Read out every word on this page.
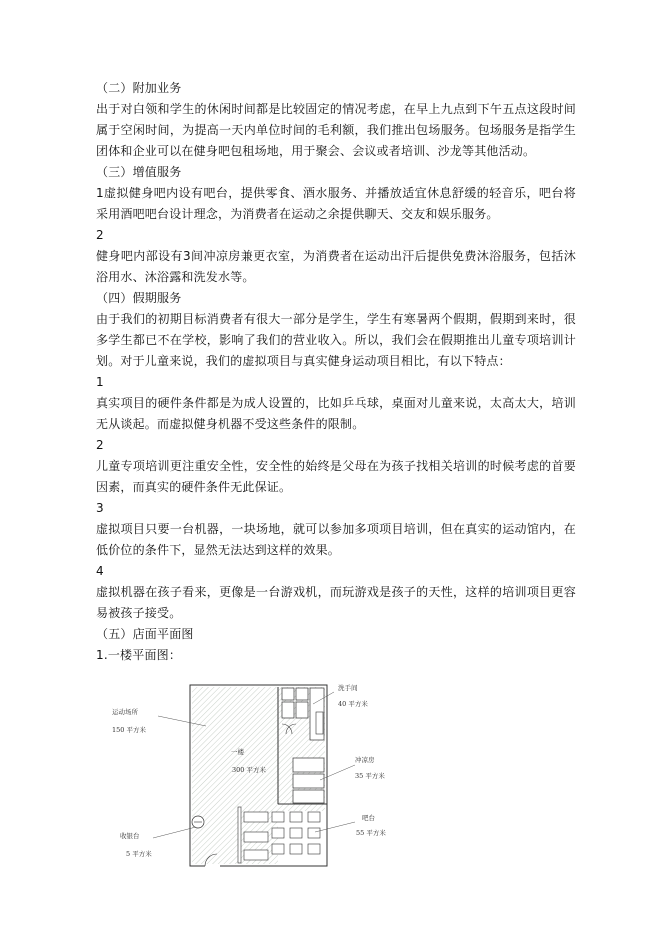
（二）附加业务

出于对白领和学生的休闲时间都是比较固定的情况考虑，在早上九点到下午五点这段时间属于空闲时间，为提高一天内单位时间的毛利额，我们推出包场服务。包场服务是指学生团体和企业可以在健身吧包租场地，用于聚会、会议或者培训、沙龙等其他活动。

（三）增值服务

1虚拟健身吧内设有吧台，提供零食、酒水服务、并播放适宜休息舒缓的轻音乐，吧台将采用酒吧吧台设计理念，为消费者在运动之余提供聊天、交友和娱乐服务。

2

健身吧内部设有3间冲凉房兼更衣室，为消费者在运动出汗后提供免费沐浴服务，包括沐浴用水、沐浴露和洗发水等。

（四）假期服务

由于我们的初期目标消费者有很大一部分是学生，学生有寒暑两个假期，假期到来时，很多学生都已不在学校，影响了我们的营业收入。所以，我们会在假期推出儿童专项培训计划。对于儿童来说，我们的虚拟项目与真实健身运动项目相比，有以下特点：

1

真实项目的硬件条件都是为成人设置的，比如乒乓球，桌面对儿童来说，太高太大，培训无从谈起。而虚拟健身机器不受这些条件的限制。

2

儿童专项培训更注重安全性，安全性的始终是父母在为孩子找相关培训的时候考虑的首要因素，而真实的硬件条件无此保证。

3

虚拟项目只要一台机器，一块场地，就可以参加多项项目培训，但在真实的运动馆内，在低价位的条件下，显然无法达到这样的效果。

4

虚拟机器在孩子看来，更像是一台游戏机，而玩游戏是孩子的天性，这样的培训项目更容易被孩子接受。

（五）店面平面图

1.一楼平面图：

运动场所
150 平方米
一楼
300 平方米
洗手间
40 平方米
冲凉房
35 平方米
吧台
55 平方米
收银台
5 平方米
